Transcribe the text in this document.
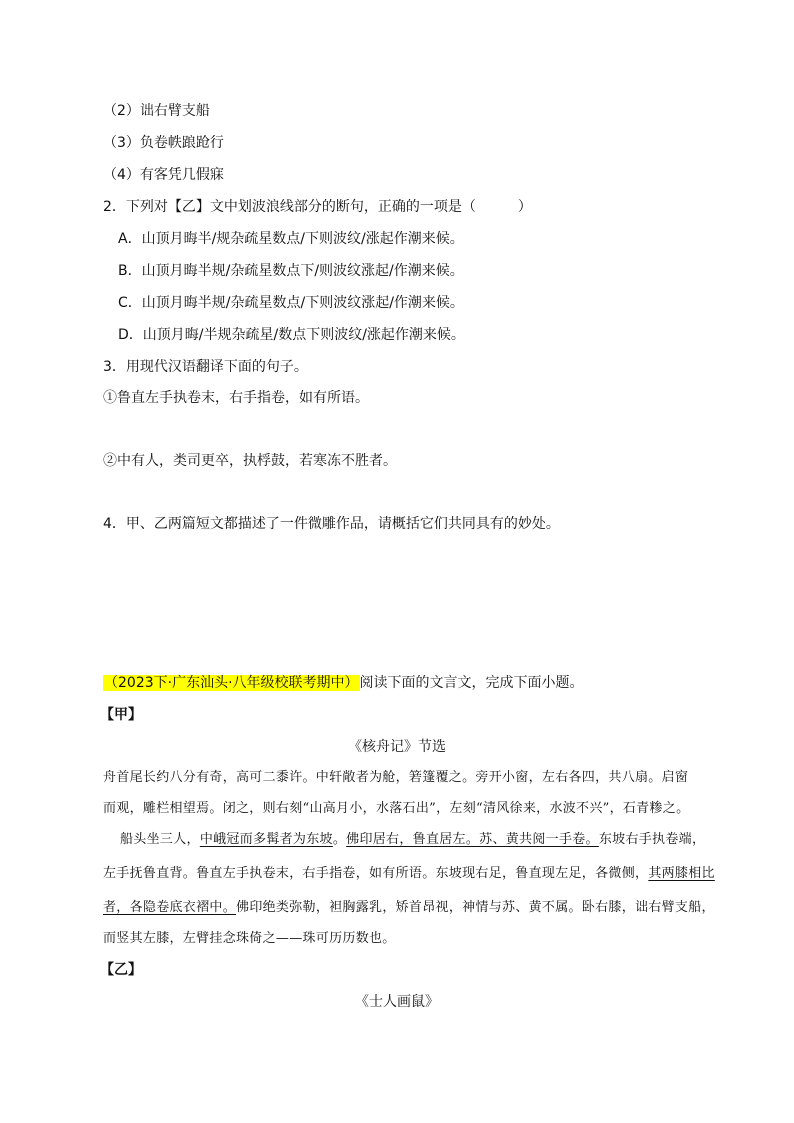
（2）诎右臂支船
（3）负卷帙踉跄行
（4）有客凭几假寐
2．下列对【乙】文中划波浪线部分的断句，正确的一项是（　　　）
A．山顶月晦半/规杂疏星数点/下则波纹/涨起作潮来候。
B．山顶月晦半规/杂疏星数点下/则波纹涨起/作潮来候。
C．山顶月晦半规/杂疏星数点/下则波纹涨起/作潮来候。
D．山顶月晦/半规杂疏星/数点下则波纹/涨起作潮来候。
3．用现代汉语翻译下面的句子。
①鲁直左手执卷末，右手指卷，如有所语。
②中有人，类司更卒，执桴鼓，若寒冻不胜者。
4．甲、乙两篇短文都描述了一件微雕作品，请概括它们共同具有的妙处。
（2023下·广东汕头·八年级校联考期中）阅读下面的文言文，完成下面小题。
【甲】
《核舟记》节选
舟首尾长约八分有奇，高可二黍许。中轩敞者为舱，箬篷覆之。旁开小窗，左右各四，共八扇。启窗
而观，雕栏相望焉。闭之，则右刻“山高月小，水落石出”，左刻“清风徐来，水波不兴”，石青糁之。
船头坐三人，中峨冠而多髯者为东坡。佛印居右，鲁直居左。苏、黄共阅一手卷。东坡右手执卷端，
左手抚鲁直背。鲁直左手执卷末，右手指卷，如有所语。东坡现右足，鲁直现左足，各微侧，其两膝相比
者，各隐卷底衣褶中。佛印绝类弥勒，袒胸露乳，矫首昂视，神情与苏、黄不属。卧右膝，诎右臂支船，
而竖其左膝，左臂挂念珠倚之——珠可历历数也。
【乙】
《士人画鼠》
